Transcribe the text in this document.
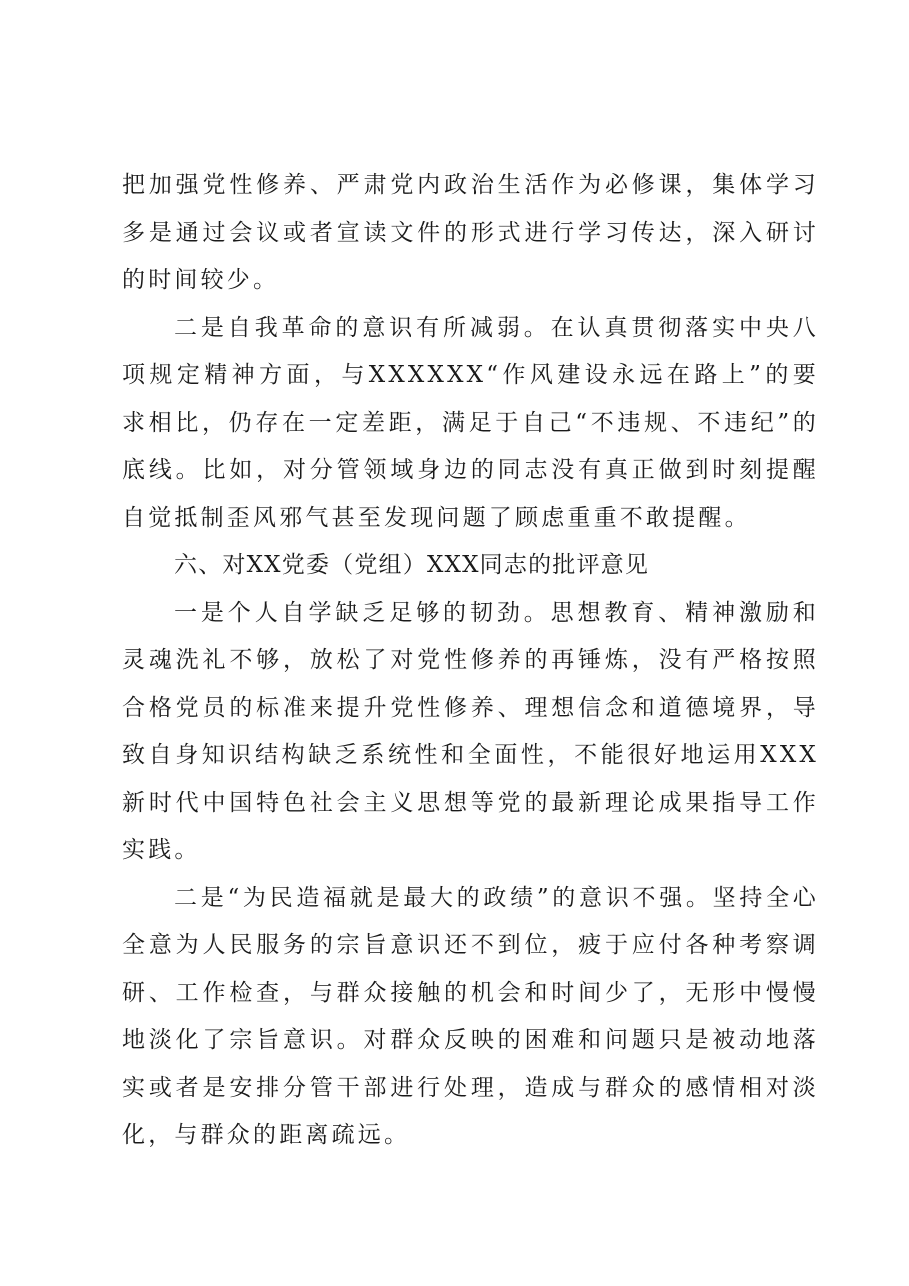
把加强党性修养、严肃党内政治生活作为必修课，集体学习多是通过会议或者宣读文件的形式进行学习传达，深入研讨的时间较少。

二是自我革命的意识有所减弱。在认真贯彻落实中央八项规定精神方面，与XXXXXX“作风建设永远在路上”的要求相比，仍存在一定差距，满足于自己“不违规、不违纪”的底线。比如，对分管领域身边的同志没有真正做到时刻提醒自觉抵制歪风邪气甚至发现问题了顾虑重重不敢提醒。

六、对XX党委（党组）XXX同志的批评意见

一是个人自学缺乏足够的韧劲。思想教育、精神激励和灵魂洗礼不够，放松了对党性修养的再锤炼，没有严格按照合格党员的标准来提升党性修养、理想信念和道德境界，导致自身知识结构缺乏系统性和全面性，不能很好地运用XXX新时代中国特色社会主义思想等党的最新理论成果指导工作实践。

二是“为民造福就是最大的政绩”的意识不强。坚持全心全意为人民服务的宗旨意识还不到位，疲于应付各种考察调研、工作检查，与群众接触的机会和时间少了，无形中慢慢地淡化了宗旨意识。对群众反映的困难和问题只是被动地落实或者是安排分管干部进行处理，造成与群众的感情相对淡化，与群众的距离疏远。
